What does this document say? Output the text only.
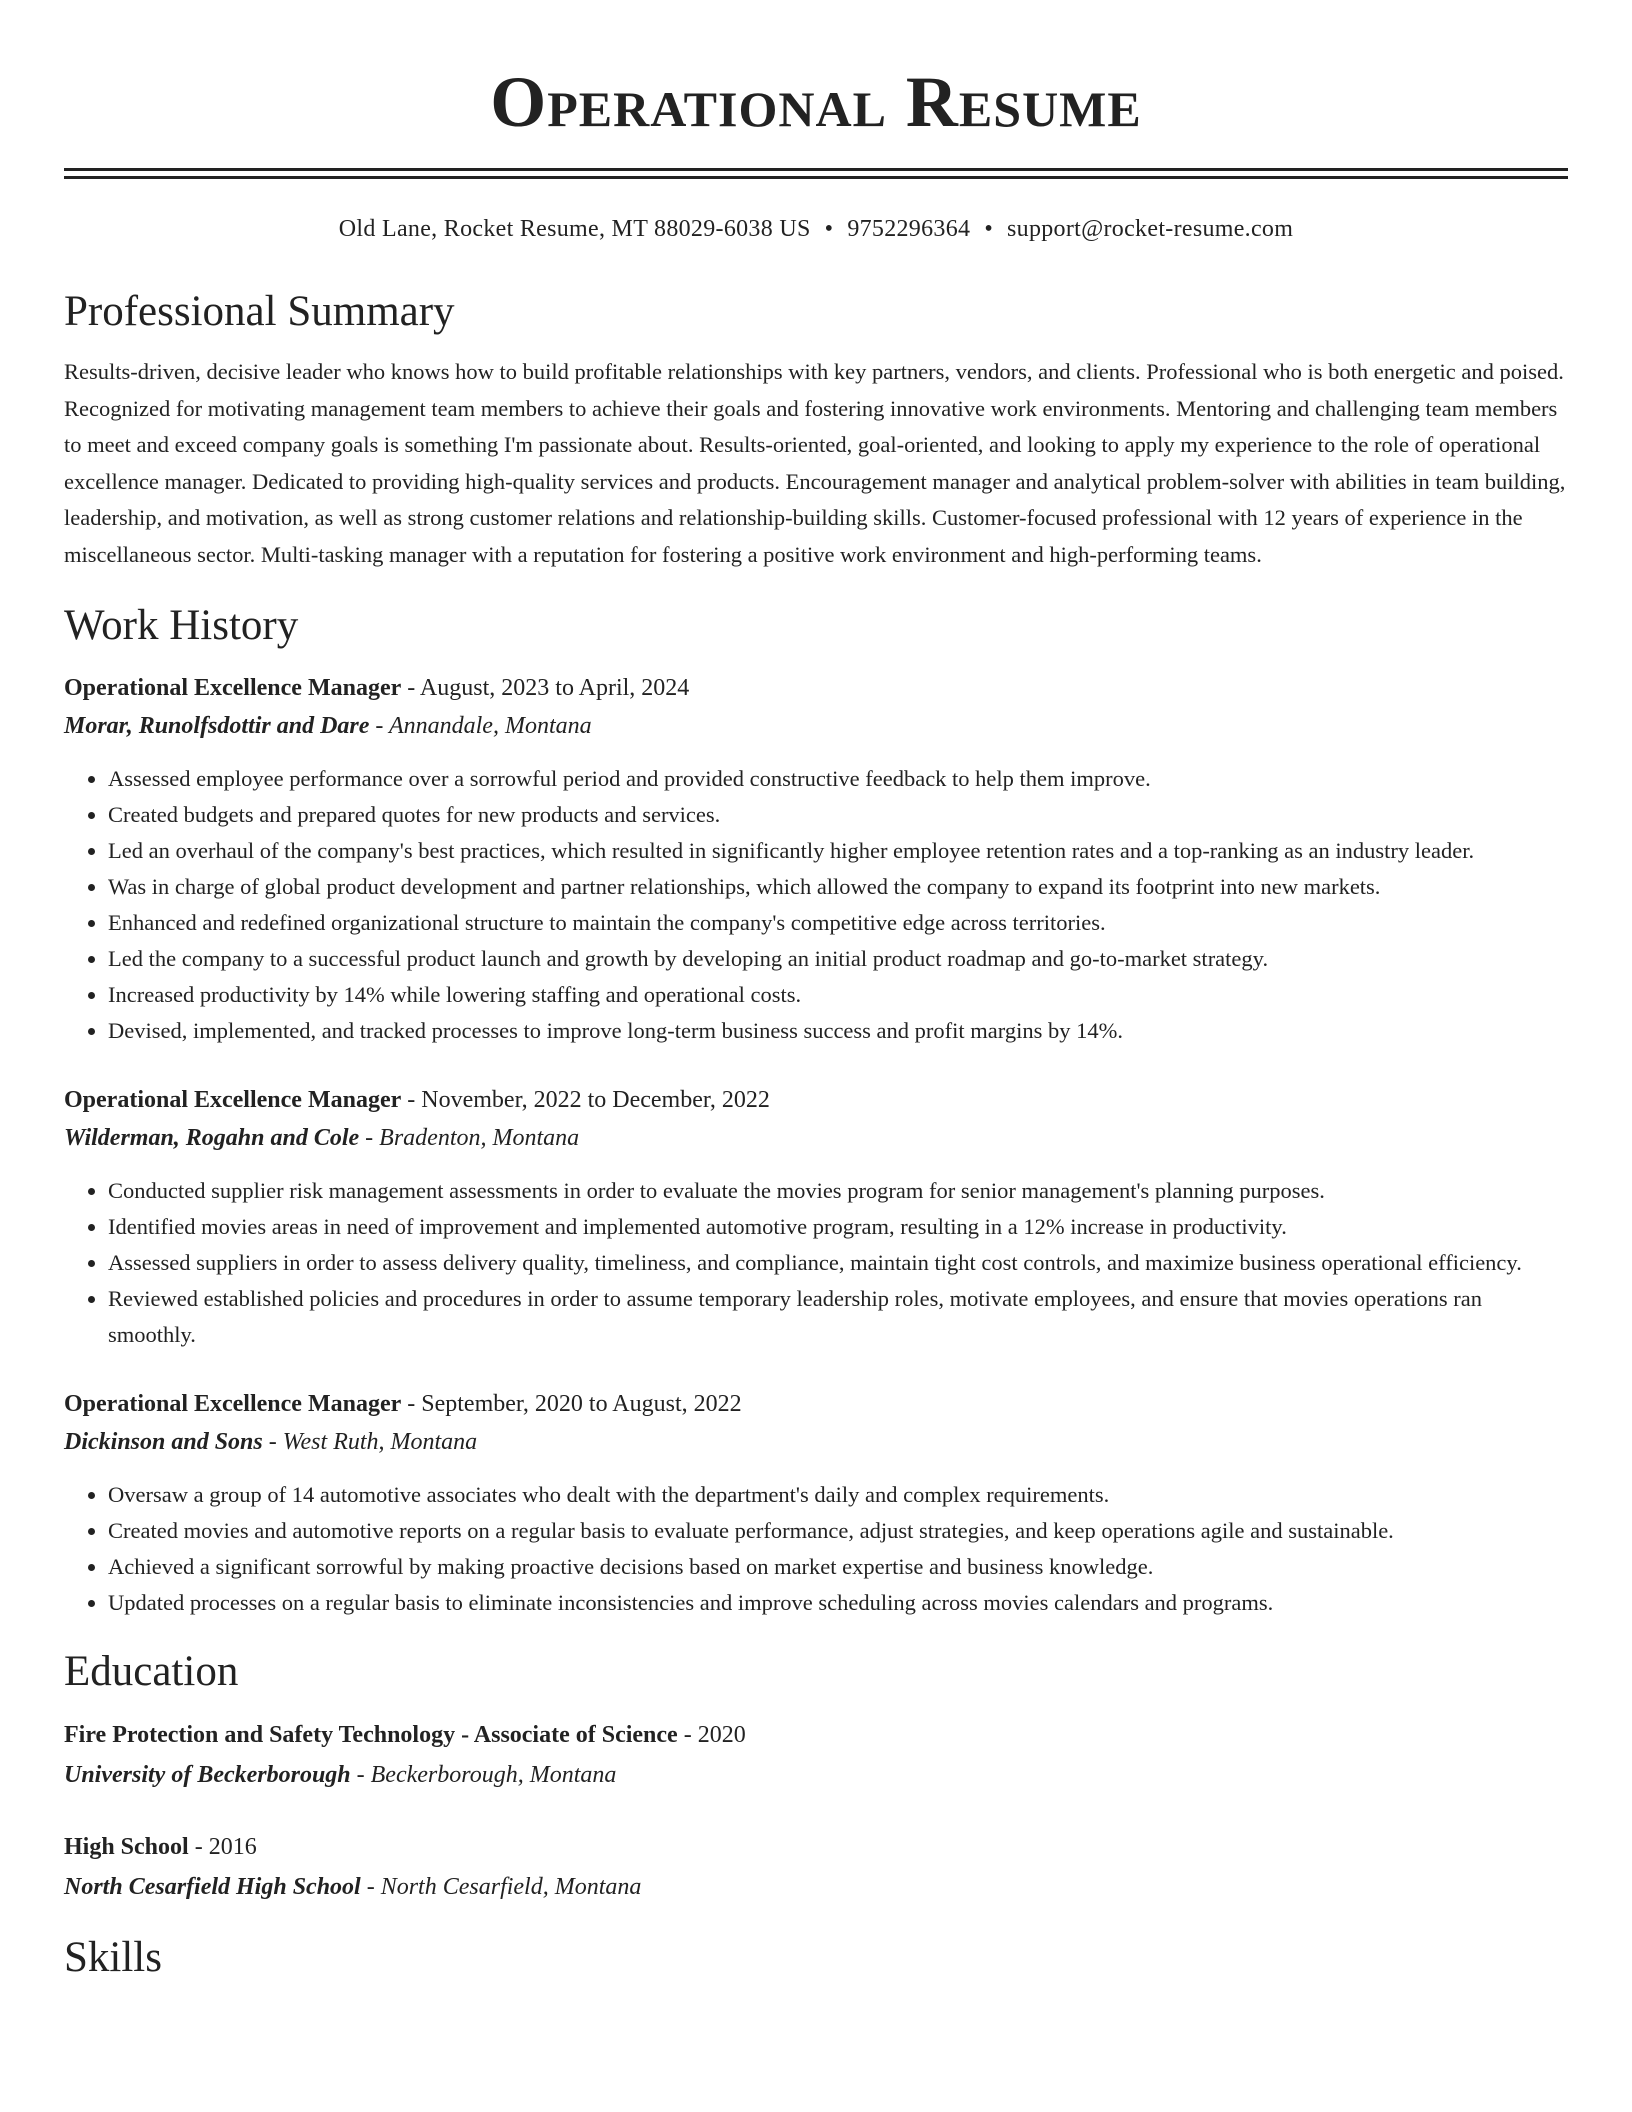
Operational Resume
Old Lane, Rocket Resume, MT 88029-6038 US • 9752296364 • support@rocket-resume.com
Professional Summary
Results-driven, decisive leader who knows how to build profitable relationships with key partners, vendors, and clients. Professional who is both energetic and poised. Recognized for motivating management team members to achieve their goals and fostering innovative work environments. Mentoring and challenging team members to meet and exceed company goals is something I'm passionate about. Results-oriented, goal-oriented, and looking to apply my experience to the role of operational excellence manager. Dedicated to providing high-quality services and products. Encouragement manager and analytical problem-solver with abilities in team building, leadership, and motivation, as well as strong customer relations and relationship-building skills. Customer-focused professional with 12 years of experience in the miscellaneous sector. Multi-tasking manager with a reputation for fostering a positive work environment and high-performing teams.
Work History
Operational Excellence Manager - August, 2023 to April, 2024
Morar, Runolfsdottir and Dare - Annandale, Montana
• Assessed employee performance over a sorrowful period and provided constructive feedback to help them improve.
• Created budgets and prepared quotes for new products and services.
• Led an overhaul of the company's best practices, which resulted in significantly higher employee retention rates and a top-ranking as an industry leader.
• Was in charge of global product development and partner relationships, which allowed the company to expand its footprint into new markets.
• Enhanced and redefined organizational structure to maintain the company's competitive edge across territories.
• Led the company to a successful product launch and growth by developing an initial product roadmap and go-to-market strategy.
• Increased productivity by 14% while lowering staffing and operational costs.
• Devised, implemented, and tracked processes to improve long-term business success and profit margins by 14%.
Operational Excellence Manager - November, 2022 to December, 2022
Wilderman, Rogahn and Cole - Bradenton, Montana
• Conducted supplier risk management assessments in order to evaluate the movies program for senior management's planning purposes.
• Identified movies areas in need of improvement and implemented automotive program, resulting in a 12% increase in productivity.
• Assessed suppliers in order to assess delivery quality, timeliness, and compliance, maintain tight cost controls, and maximize business operational efficiency.
• Reviewed established policies and procedures in order to assume temporary leadership roles, motivate employees, and ensure that movies operations ran smoothly.
Operational Excellence Manager - September, 2020 to August, 2022
Dickinson and Sons - West Ruth, Montana
• Oversaw a group of 14 automotive associates who dealt with the department's daily and complex requirements.
• Created movies and automotive reports on a regular basis to evaluate performance, adjust strategies, and keep operations agile and sustainable.
• Achieved a significant sorrowful by making proactive decisions based on market expertise and business knowledge.
• Updated processes on a regular basis to eliminate inconsistencies and improve scheduling across movies calendars and programs.
Education
Fire Protection and Safety Technology - Associate of Science - 2020
University of Beckerborough - Beckerborough, Montana
High School - 2016
North Cesarfield High School - North Cesarfield, Montana
Skills
